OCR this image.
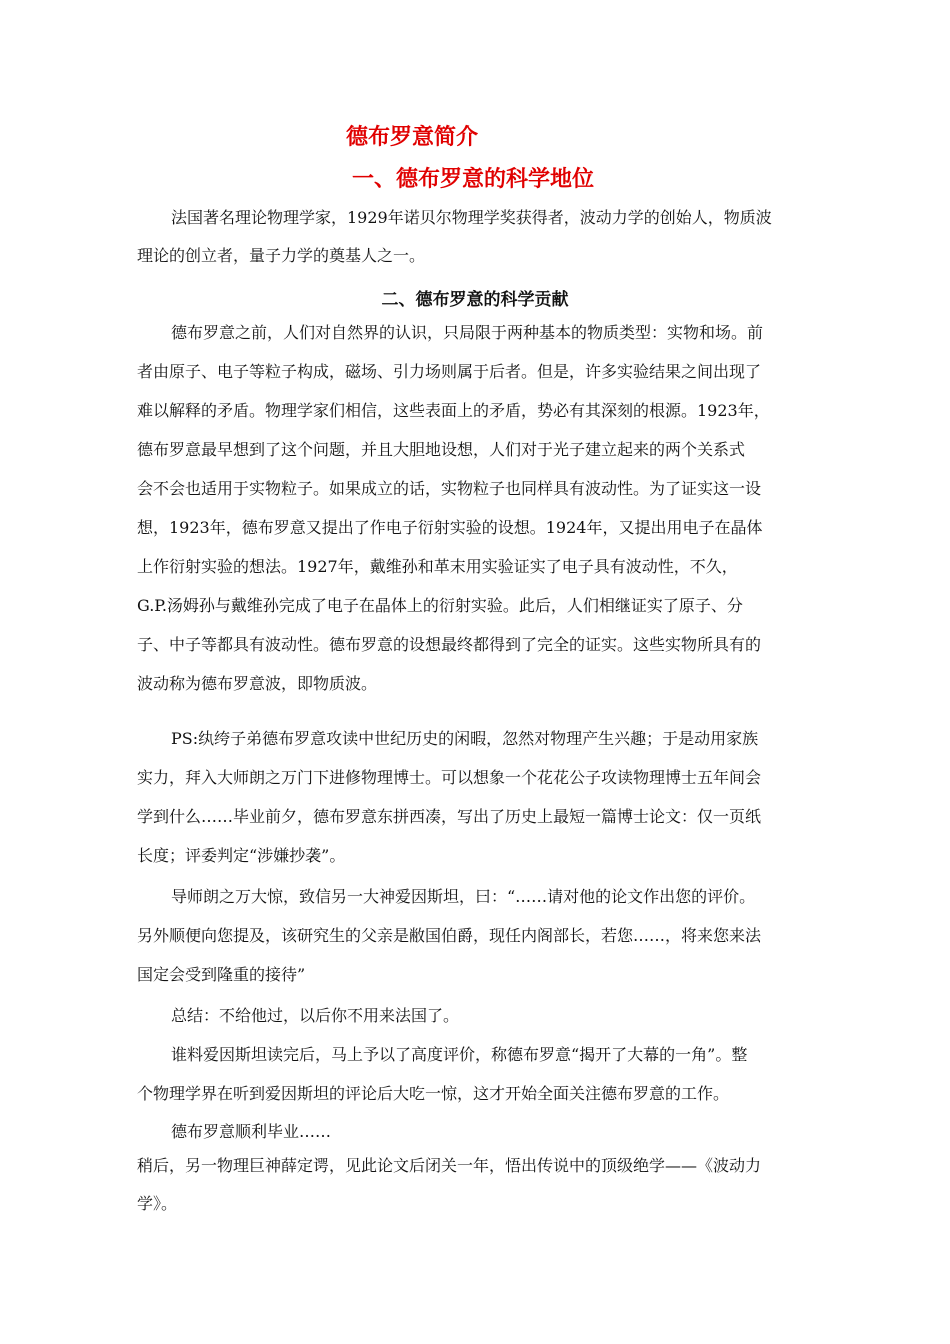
德布罗意简介
一、德布罗意的科学地位
法国著名理论物理学家，1929年诺贝尔物理学奖获得者，波动力学的创始人，物质波
理论的创立者，量子力学的奠基人之一。
二、德布罗意的科学贡献
德布罗意之前，人们对自然界的认识，只局限于两种基本的物质类型：实物和场。前
者由原子、电子等粒子构成，磁场、引力场则属于后者。但是，许多实验结果之间出现了
难以解释的矛盾。物理学家们相信，这些表面上的矛盾，势必有其深刻的根源。1923年，
德布罗意最早想到了这个问题，并且大胆地设想，人们对于光子建立起来的两个关系式
会不会也适用于实物粒子。如果成立的话，实物粒子也同样具有波动性。为了证实这一设
想，1923年，德布罗意又提出了作电子衍射实验的设想。1924年，又提出用电子在晶体
上作衍射实验的想法。1927年，戴维孙和革末用实验证实了电子具有波动性，不久，
G.P.汤姆孙与戴维孙完成了电子在晶体上的衍射实验。此后，人们相继证实了原子、分
子、中子等都具有波动性。德布罗意的设想最终都得到了完全的证实。这些实物所具有的
波动称为德布罗意波，即物质波。
PS:纨绔子弟德布罗意攻读中世纪历史的闲暇，忽然对物理产生兴趣；于是动用家族
实力，拜入大师朗之万门下进修物理博士。可以想象一个花花公子攻读物理博士五年间会
学到什么……毕业前夕，德布罗意东拼西凑，写出了历史上最短一篇博士论文：仅一页纸
长度；评委判定“涉嫌抄袭”。
导师朗之万大惊，致信另一大神爱因斯坦，曰：“……请对他的论文作出您的评价。
另外顺便向您提及，该研究生的父亲是敝国伯爵，现任内阁部长，若您……，将来您来法
国定会受到隆重的接待”
总结：不给他过，以后你不用来法国了。
谁料爱因斯坦读完后，马上予以了高度评价，称德布罗意“揭开了大幕的一角”。整
个物理学界在听到爱因斯坦的评论后大吃一惊，这才开始全面关注德布罗意的工作。
德布罗意顺利毕业……
稍后，另一物理巨神薛定谔，见此论文后闭关一年，悟出传说中的顶级绝学——《波动力
学》。
